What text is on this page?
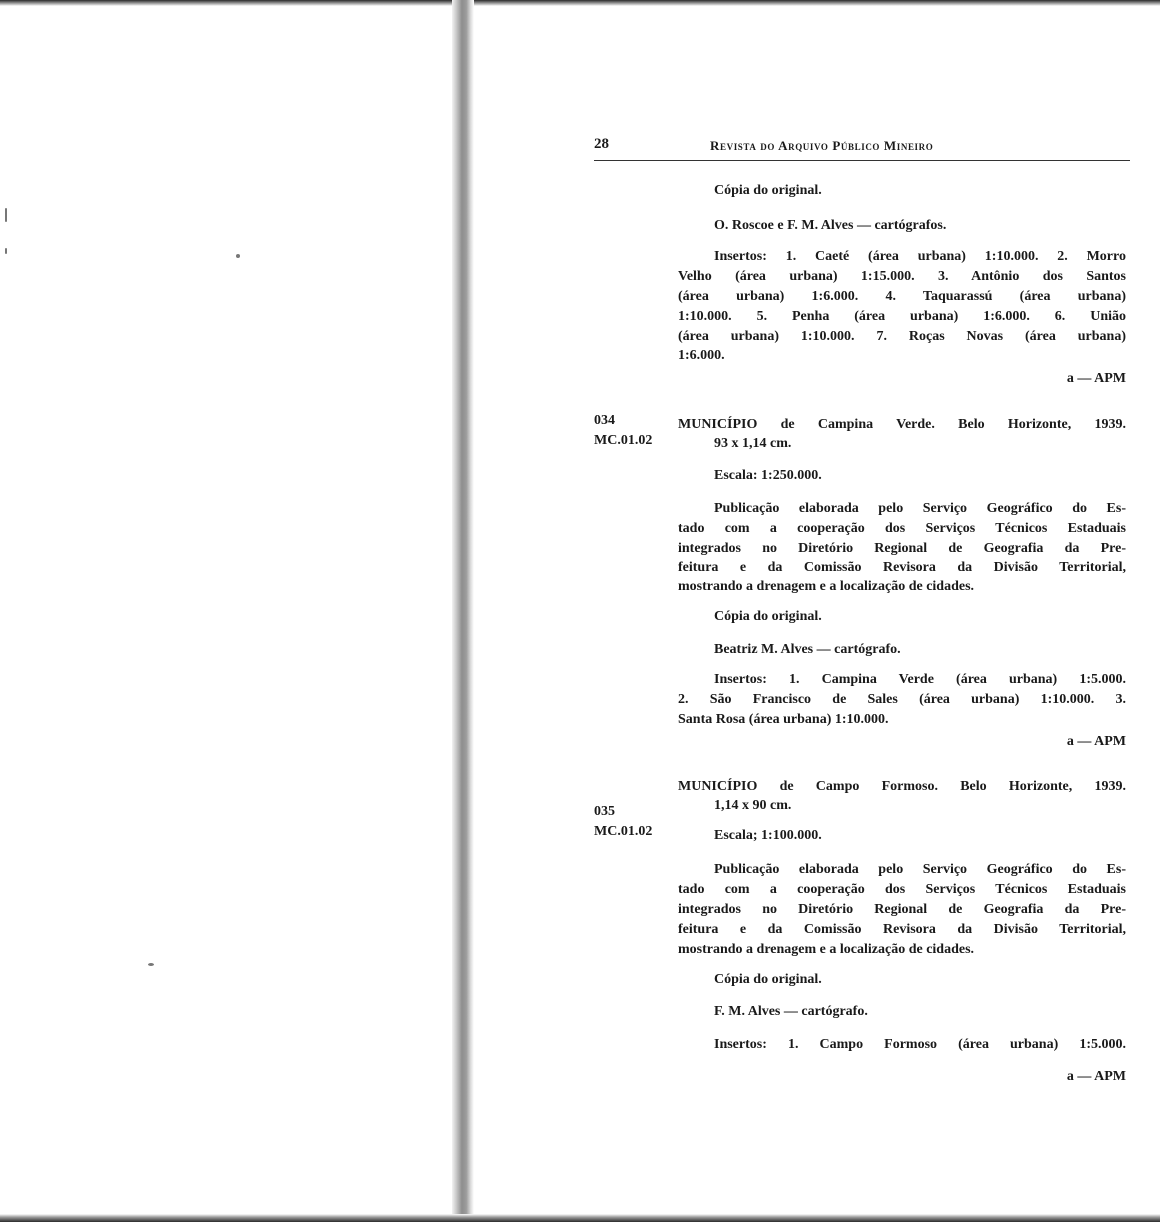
28	Revista do Arquivo Público Mineiro
Cópia do original.
O. Roscoe e F. M. Alves — cartógrafos.
Insertos: 1. Caeté (área urbana) 1:10.000. 2. Morro
Velho (área urbana) 1:15.000. 3. Antônio dos Santos
(área urbana) 1:6.000. 4. Taquarassú (área urbana)
1:10.000. 5. Penha (área urbana) 1:6.000. 6. União
(área urbana) 1:10.000. 7. Roças Novas (área urbana)
1:6.000.
a — APM
034
MC.01.02
MUNICÍPIO de Campina Verde. Belo Horizonte, 1939.
93 x 1,14 cm.
Escala: 1:250.000.
Publicação elaborada pelo Serviço Geográfico do Es-
tado com a cooperação dos Serviços Técnicos Estaduais
integrados no Diretório Regional de Geografia da Pre-
feitura e da Comissão Revisora da Divisão Territorial,
mostrando a drenagem e a localização de cidades.
Cópia do original.
Beatriz M. Alves — cartógrafo.
Insertos: 1. Campina Verde (área urbana) 1:5.000.
2. São Francisco de Sales (área urbana) 1:10.000. 3.
Santa Rosa (área urbana) 1:10.000.
a — APM
035
MC.01.02
MUNICÍPIO de Campo Formoso. Belo Horizonte, 1939.
1,14 x 90 cm.
Escala; 1:100.000.
Publicação elaborada pelo Serviço Geográfico do Es-
tado com a cooperação dos Serviços Técnicos Estaduais
integrados no Diretório Regional de Geografia da Pre-
feitura e da Comissão Revisora da Divisão Territorial,
mostrando a drenagem e a localização de cidades.
Cópia do original.
F. M. Alves — cartógrafo.
Insertos: 1. Campo Formoso (área urbana) 1:5.000.
a — APM
